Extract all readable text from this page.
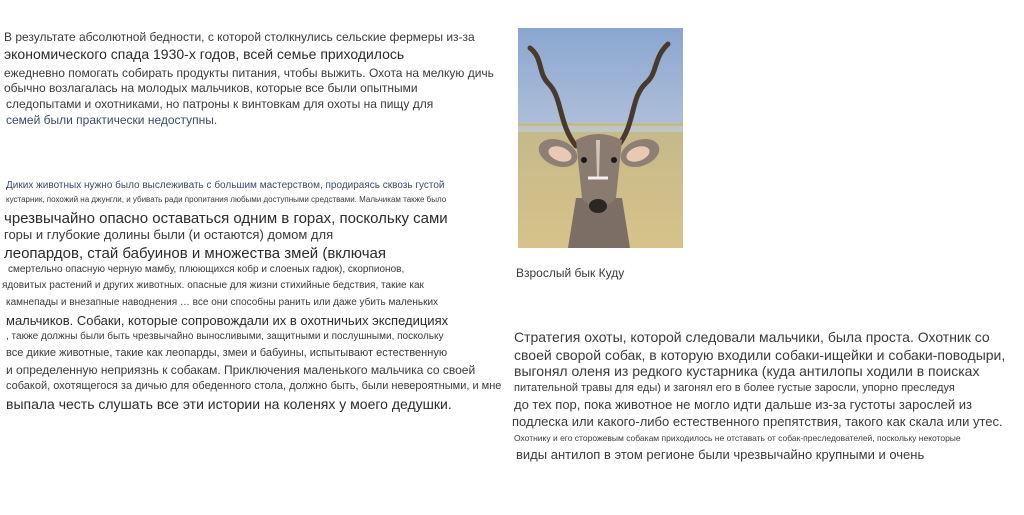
В результате абсолютной бедности, с которой столкнулись сельские фермеры из-за
экономического спада 1930-х годов, всей семье приходилось
ежедневно помогать собирать продукты питания, чтобы выжить. Охота на мелкую дичь
обычно возлагалась на молодых мальчиков, которые все были опытными
следопытами и охотниками, но патроны к винтовкам для охоты на пищу для
семей были практически недоступны.
Диких животных нужно было выслеживать с большим мастерством, продираясь сквозь густой
кустарник, похожий на джунгли, и убивать ради пропитания любыми доступными средствами. Мальчикам также было
чрезвычайно опасно оставаться одним в горах, поскольку сами
горы и глубокие долины были (и остаются) домом для
леопардов, стай бабуинов и множества змей (включая
смертельно опасную черную мамбу, плюющихся кобр и слоеных гадюк), скорпионов,
ядовитых растений и других животных. опасные для жизни стихийные бедствия, такие как
камнепады и внезапные наводнения … все они способны ранить или даже убить маленьких
мальчиков. Собаки, которые сопровождали их в охотничьих экспедициях
, также должны были быть чрезвычайно выносливыми, защитными и послушными, поскольку
все дикие животные, такие как леопарды, змеи и бабуины, испытывают естественную
и определенную неприязнь к собакам. Приключения маленького мальчика со своей
собакой, охотящегося за дичью для обеденного стола, должно быть, были невероятными, и мне
выпала честь слушать все эти истории на коленях у моего дедушки.
Взрослый бык Куду
Стратегия охоты, которой следовали мальчики, была проста. Охотник со
своей сворой собак, в которую входили собаки-ищейки и собаки-поводыри,
выгонял оленя из редкого кустарника (куда антилопы ходили в поисках
питательной травы для еды) и загонял его в более густые заросли, упорно преследуя
до тех пор, пока животное не могло идти дальше из-за густоты зарослей из
подлеска или какого-либо естественного препятствия, такого как скала или утес.
Охотнику и его сторожевым собакам приходилось не отставать от собак-преследователей, поскольку некоторые
виды антилоп в этом регионе были чрезвычайно крупными и очень
